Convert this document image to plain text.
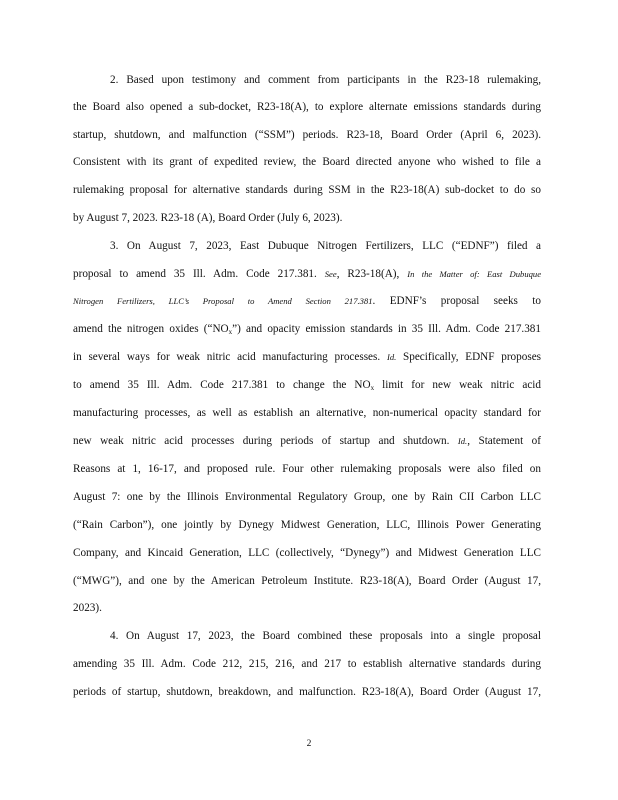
2. Based upon testimony and comment from participants in the R23-18 rulemaking,
the Board also opened a sub-docket, R23-18(A), to explore alternate emissions standards during
startup, shutdown, and malfunction (“SSM”) periods. R23-18, Board Order (April 6, 2023).
Consistent with its grant of expedited review, the Board directed anyone who wished to file a
rulemaking proposal for alternative standards during SSM in the R23-18(A) sub-docket to do so
by August 7, 2023. R23-18 (A), Board Order (July 6, 2023).
3. On August 7, 2023, East Dubuque Nitrogen Fertilizers, LLC (“EDNF”) filed a
proposal to amend 35 Ill. Adm. Code 217.381. See, R23-18(A), In the Matter of: East Dubuque
Nitrogen Fertilizers, LLC’s Proposal to Amend Section 217.381. EDNF’s proposal seeks to
amend the nitrogen oxides $(“NO_x”)$ and opacity emission standards in 35 Ill. Adm. Code 217.381
in several ways for weak nitric acid manufacturing processes. Id. Specifically, EDNF proposes
to amend 35 Ill. Adm. Code 217.381 to change the $NO_x$ limit for new weak nitric acid
manufacturing processes, as well as establish an alternative, non-numerical opacity standard for
new weak nitric acid processes during periods of startup and shutdown. Id., Statement of
Reasons at 1, 16-17, and proposed rule. Four other rulemaking proposals were also filed on
August 7: one by the Illinois Environmental Regulatory Group, one by Rain CII Carbon LLC
(“Rain Carbon”), one jointly by Dynegy Midwest Generation, LLC, Illinois Power Generating
Company, and Kincaid Generation, LLC (collectively, “Dynegy”) and Midwest Generation LLC
(“MWG”), and one by the American Petroleum Institute. R23-18(A), Board Order (August 17,
2023).
4. On August 17, 2023, the Board combined these proposals into a single proposal
amending 35 Ill. Adm. Code 212, 215, 216, and 217 to establish alternative standards during
periods of startup, shutdown, breakdown, and malfunction. R23-18(A), Board Order (August 17,
2
